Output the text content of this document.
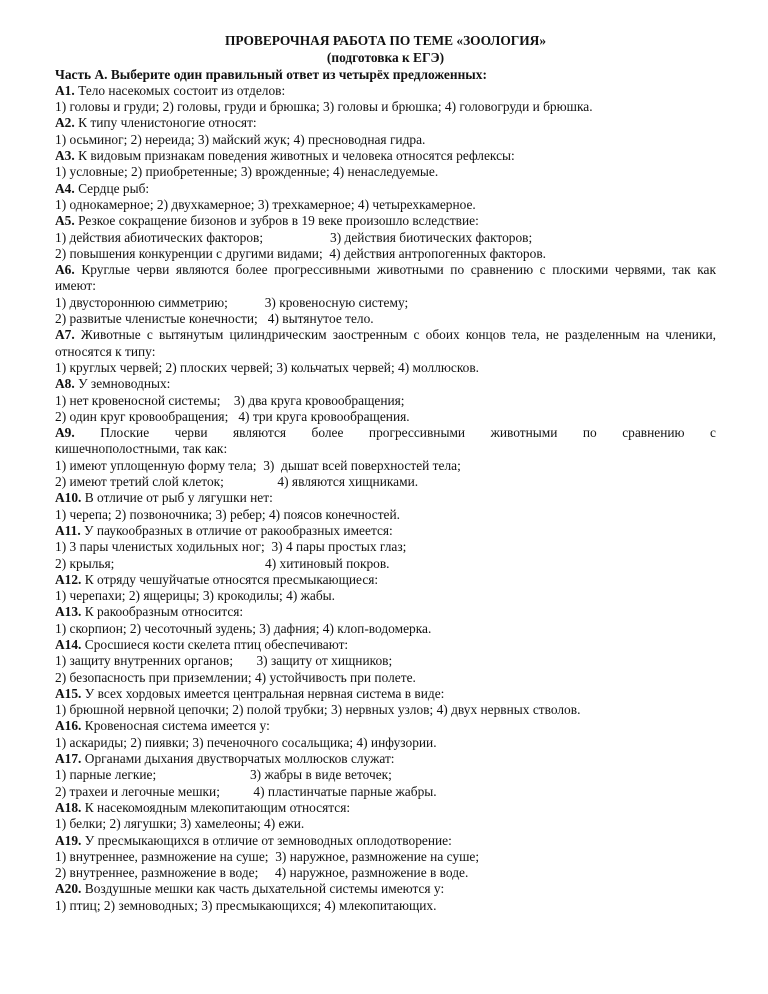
ПРОВЕРОЧНАЯ РАБОТА ПО ТЕМЕ «ЗООЛОГИЯ»
(подготовка к ЕГЭ)
Часть А. Выберите один правильный ответ из четырёх предложенных:
А1. Тело насекомых состоит из отделов:
1) головы и груди; 2) головы, груди и брюшка; 3) головы и брюшка; 4) головогруди и брюшка.
А2. К типу членистоногие относят:
1) осьминог; 2) нереида; 3) майский жук; 4) пресноводная гидра.
А3. К видовым признакам поведения животных и человека относятся рефлексы:
1) условные; 2) приобретенные; 3) врожденные; 4) ненаследуемые.
А4. Сердце рыб:
1) однокамерное; 2) двухкамерное; 3) трехкамерное; 4) четырехкамерное.
А5. Резкое сокращение бизонов и зубров в 19 веке произошло вследствие:
1) действия абиотических факторов;                    3) действия биотических факторов;
2) повышения конкуренции с другими видами;  4) действия антропогенных факторов.
А6. Круглые черви являются более прогрессивными животными по сравнению с плоскими червями, так как имеют:
1) двустороннюю симметрию;           3) кровеносную систему;
2) развитые членистые конечности;   4) вытянутое тело.
А7. Животные с вытянутым цилиндрическим заостренным с обоих концов тела, не разделенным на членики, относятся к типу:
1) круглых червей; 2) плоских червей; 3) кольчатых червей; 4) моллюсков.
А8. У земноводных:
1) нет кровеносной системы;    3) два круга кровообращения;
2) один круг кровообращения;   4) три круга кровообращения.
А9. Плоские черви являются более прогрессивными животными по сравнению с
кишечнополостными, так как:
1) имеют уплощенную форму тела;  3)  дышат всей поверхностей тела;
2) имеют третий слой клеток;                4) являются хищниками.
А10. В отличие от рыб у лягушки нет:
1) черепа; 2) позвоночника; 3) ребер; 4) поясов конечностей.
А11. У паукообразных в отличие от ракообразных имеется:
1) 3 пары членистых ходильных ног;  3) 4 пары простых глаз;
2) крылья;                                             4) хитиновый покров.
А12. К отряду чешуйчатые относятся пресмыкающиеся:
1) черепахи; 2) ящерицы; 3) крокодилы; 4) жабы.
А13. К ракообразным относится:
1) скорпион; 2) чесоточный зудень; 3) дафния; 4) клоп-водомерка.
А14. Сросшиеся кости скелета птиц обеспечивают:
1) защиту внутренних органов;       3) защиту от хищников;
2) безопасность при приземлении; 4) устойчивость при полете.
А15. У всех хордовых имеется центральная нервная система в виде:
1) брюшной нервной цепочки; 2) полой трубки; 3) нервных узлов; 4) двух нервных стволов.
А16. Кровеносная система имеется у:
1) аскариды; 2) пиявки; 3) печеночного сосальщика; 4) инфузории.
А17. Органами дыхания двустворчатых моллюсков служат:
1) парные легкие;                            3) жабры в виде веточек;
2) трахеи и легочные мешки;          4) пластинчатые парные жабры.
А18. К насекомоядным млекопитающим относятся:
1) белки; 2) лягушки; 3) хамелеоны; 4) ежи.
А19. У пресмыкающихся в отличие от земноводных оплодотворение:
1) внутреннее, размножение на суше;  3) наружное, размножение на суше;
2) внутреннее, размножение в воде;     4) наружное, размножение в воде.
А20. Воздушные мешки как часть дыхательной системы имеются у:
1) птиц; 2) земноводных; 3) пресмыкающихся; 4) млекопитающих.
